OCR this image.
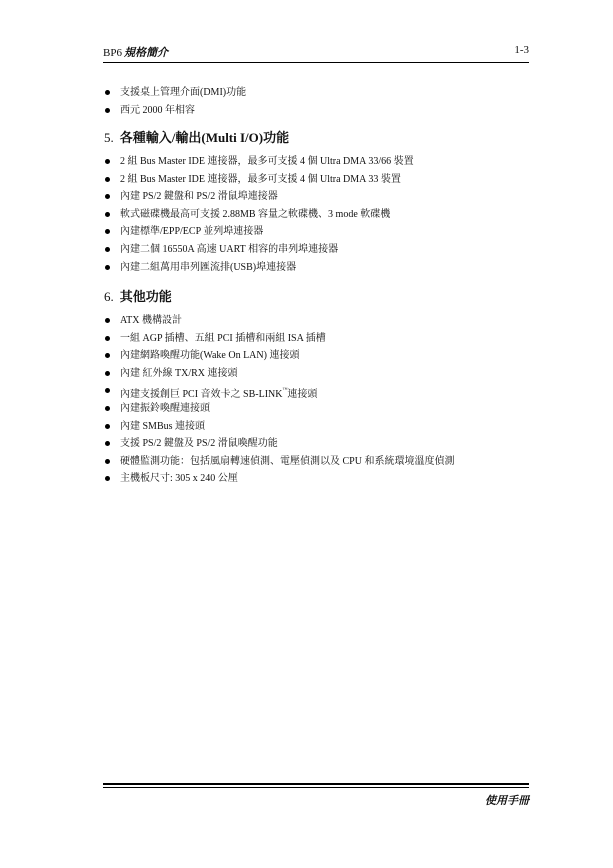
BP6 規格簡介	1-3
支援桌上管理介面(DMI)功能
西元 2000 年相容
5. 各種輸入/輸出(Multi I/O)功能
2 組 Bus Master IDE 連接器，最多可支援 4 個 Ultra DMA 33/66 裝置
2 組 Bus Master IDE 連接器，最多可支援 4 個 Ultra DMA 33 裝置
內建 PS/2 鍵盤和 PS/2 滑鼠埠連接器
軟式磁碟機最高可支援 2.88MB 容量之軟碟機、3 mode 軟碟機
內建標準/EPP/ECP 並列埠連接器
內建二個 16550A 高速 UART 相容的串列埠連接器
內建二組萬用串列匯流排(USB)埠連接器
6. 其他功能
ATX 機構設計
一組 AGP 插槽、五組 PCI 插槽和兩組 ISA 插槽
內建網路喚醒功能(Wake On LAN) 連接頭
內建 紅外線 TX/RX 連接頭
內建支援創巨 PCI 音效卡之 SB-LINK™連接頭
內建振鈴喚醒連接頭
內建 SMBus 連接頭
支援 PS/2 鍵盤及 PS/2 滑鼠喚醒功能
硬體監測功能：包括風扇轉速偵測、電壓偵測以及 CPU 和系統環境溫度偵測
主機板尺寸: 305 x 240 公厘
使用手冊
